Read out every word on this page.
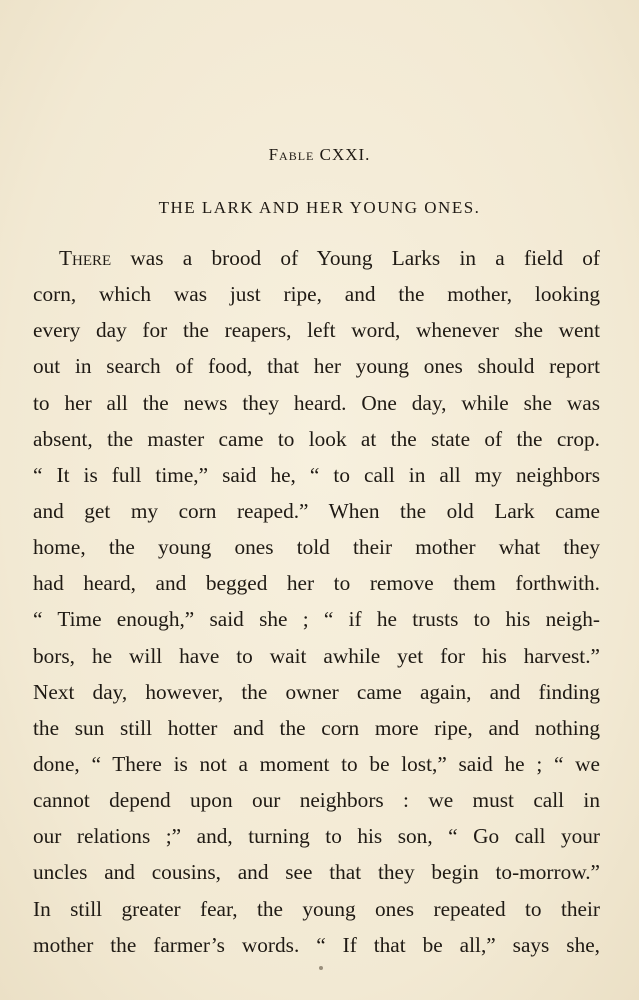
Fable CXXI.
THE LARK AND HER YOUNG ONES.
There was a brood of Young Larks in a field of
corn, which was just ripe, and the mother, looking
every day for the reapers, left word, whenever she went
out in search of food, that her young ones should report
to her all the news they heard. One day, while she was
absent, the master came to look at the state of the crop.
“ It is full time,” said he, “ to call in all my neighbors
and get my corn reaped.” When the old Lark came
home, the young ones told their mother what they
had heard, and begged her to remove them forthwith.
“ Time enough,” said she ; “ if he trusts to his neigh-
bors, he will have to wait awhile yet for his harvest.”
Next day, however, the owner came again, and finding
the sun still hotter and the corn more ripe, and nothing
done, “ There is not a moment to be lost,” said he ; “ we
cannot depend upon our neighbors : we must call in
our relations ;” and, turning to his son, “ Go call your
uncles and cousins, and see that they begin to-morrow.”
In still greater fear, the young ones repeated to their
mother the farmer’s words. “ If that be all,” says she,
